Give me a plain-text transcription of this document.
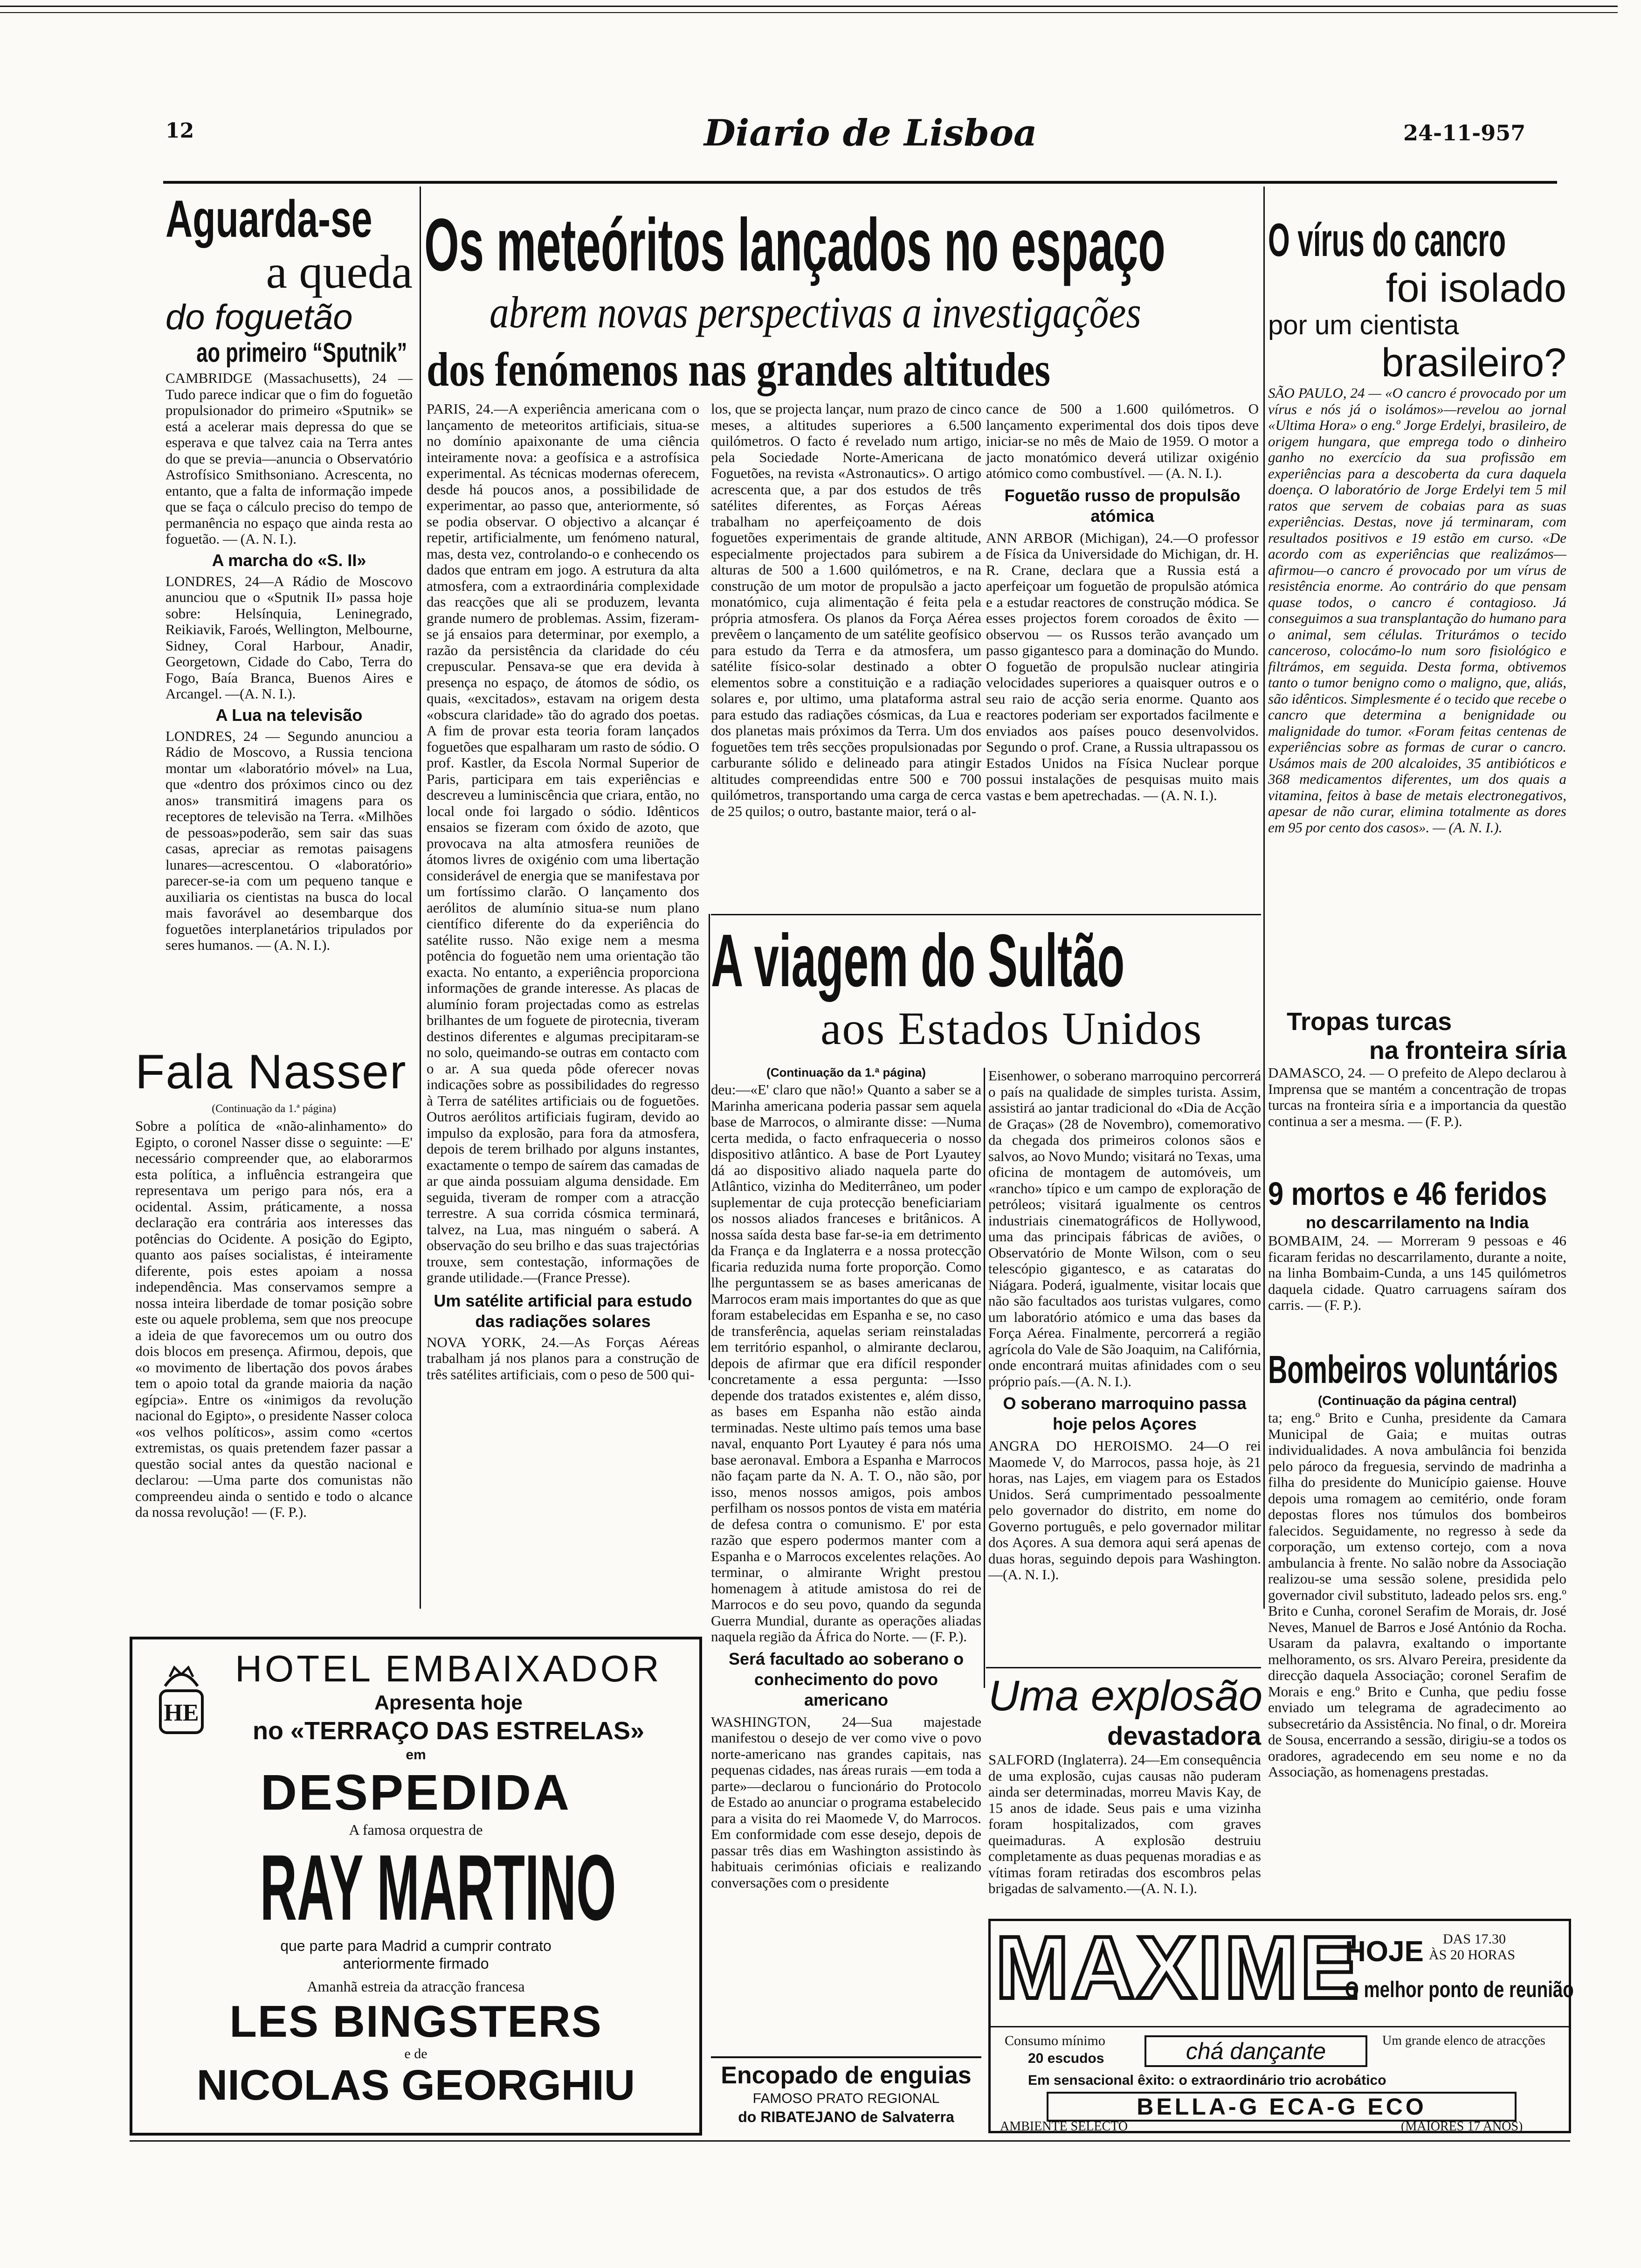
12	Diario de Lisboa	24-11-957
Aguarda-se
a queda
do foguetão
ao primeiro “Sputnik”
CAMBRIDGE (Massachusetts), 24 — Tudo parece indicar que o fim do foguetão propulsionador do primeiro «Sputnik» se está a acelerar mais depressa do que se esperava e que talvez caia na Terra antes do que se previa—anuncia o Observatório Astrofísico Smithsoniano. Acrescenta, no entanto, que a falta de informação impede que se faça o cálculo preciso do tempo de permanência no espaço que ainda resta ao foguetão. — (A. N. I.).
A marcha do «S. II»
LONDRES, 24—A Rádio de Moscovo anunciou que o «Sputnik II» passa hoje sobre: Helsínquia, Leninegrado, Reikiavik, Faroés, Wellington, Melbourne, Sidney, Coral Harbour, Anadir, Georgetown, Cidade do Cabo, Terra do Fogo, Baía Branca, Buenos Aires e Arcangel. —(A. N. I.).
A Lua na televisão
LONDRES, 24 — Segundo anunciou a Rádio de Moscovo, a Russia tenciona montar um «laboratório móvel» na Lua, que «dentro dos próximos cinco ou dez anos» transmitirá imagens para os receptores de televisão na Terra. «Milhões de pessoas»poderão, sem sair das suas casas, apreciar as remotas paisagens lunares—acrescentou. O «laboratório» parecer-se-ia com um pequeno tanque e auxiliaria os cientistas na busca do local mais favorável ao desembarque dos foguetões interplanetários tripulados por seres humanos. — (A. N. I.).
Fala Nasser
(Continuação da 1.ª página)
Sobre a política de «não-alinhamento» do Egipto, o coronel Nasser disse o seguinte: —E' necessário compreender que, ao elaborarmos esta política, a influência estrangeira que representava um perigo para nós, era a ocidental. Assim, práticamente, a nossa declaração era contrária aos interesses das potências do Ocidente. A posição do Egipto, quanto aos países socialistas, é inteiramente diferente, pois estes apoiam a nossa independência. Mas conservamos sempre a nossa inteira liberdade de tomar posição sobre este ou aquele problema, sem que nos preocupe a ideia de que favorecemos um ou outro dos dois blocos em presença. Afirmou, depois, que «o movimento de libertação dos povos árabes tem o apoio total da grande maioria da nação egípcia». Entre os «inimigos da revolução nacional do Egipto», o presidente Nasser coloca «os velhos políticos», assim como «certos extremistas, os quais pretendem fazer passar a questão social antes da questão nacional e declarou: —Uma parte dos comunistas não compreendeu ainda o sentido e todo o alcance da nossa revolução! — (F. P.).
Os meteóritos lançados no espaço
abrem novas perspectivas a investigações
dos fenómenos nas grandes altitudes
PARIS, 24.—A experiência americana com o lançamento de meteoritos artificiais, situa-se no domínio apaixonante de uma ciência inteiramente nova: a geofísica e a astrofísica experimental. As técnicas modernas oferecem, desde há poucos anos, a possibilidade de experimentar, ao passo que, anteriormente, só se podia observar. O objectivo a alcançar é repetir, artificialmente, um fenómeno natural, mas, desta vez, controlando-o e conhecendo os dados que entram em jogo. A estrutura da alta atmosfera, com a extraordinária complexidade das reacções que ali se produzem, levanta grande numero de problemas. Assim, fizeram-se já ensaios para determinar, por exemplo, a razão da persistência da claridade do céu crepuscular. Pensava-se que era devida à presença no espaço, de átomos de sódio, os quais, «excitados», estavam na origem desta «obscura claridade» tão do agrado dos poetas. A fim de provar esta teoria foram lançados foguetões que espalharam um rasto de sódio. O prof. Kastler, da Escola Normal Superior de Paris, participara em tais experiências e descreveu a luminiscência que criara, então, no local onde foi largado o sódio. Idênticos ensaios se fizeram com óxido de azoto, que provocava na alta atmosfera reuniões de átomos livres de oxigénio com uma libertação considerável de energia que se manifestava por um fortíssimo clarão. O lançamento dos aerólitos de alumínio situa-se num plano científico diferente do da experiência do satélite russo. Não exige nem a mesma potência do foguetão nem uma orientação tão exacta. No entanto, a experiência proporciona informações de grande interesse. As placas de alumínio foram projectadas como as estrelas brilhantes de um foguete de pirotecnia, tiveram destinos diferentes e algumas precipitaram-se no solo, queimando-se outras em contacto com o ar. A sua queda pôde oferecer novas indicações sobre as possibilidades do regresso à Terra de satélites artificiais ou de foguetões. Outros aerólitos artificiais fugiram, devido ao impulso da explosão, para fora da atmosfera, depois de terem brilhado por alguns instantes, exactamente o tempo de saírem das camadas de ar que ainda possuiam alguma densidade. Em seguida, tiveram de romper com a atracção terrestre. A sua corrida cósmica terminará, talvez, na Lua, mas ninguém o saberá. A observação do seu brilho e das suas trajectórias trouxe, sem contestação, informações de grande utilidade.—(France Presse).
Um satélite artificial para estudo das radiações solares
NOVA YORK, 24.—As Forças Aéreas trabalham já nos planos para a construção de três satélites artificiais, com o peso de 500 qui-
los, que se projecta lançar, num prazo de cinco meses, a altitudes superiores a 6.500 quilómetros. O facto é revelado num artigo, pela Sociedade Norte-Americana de Foguetões, na revista «Astronautics». O artigo acrescenta que, a par dos estudos de três satélites diferentes, as Forças Aéreas trabalham no aperfeiçoamento de dois foguetões experimentais de grande altitude, especialmente projectados para subirem a alturas de 500 a 1.600 quilómetros, e na construção de um motor de propulsão a jacto monatómico, cuja alimentação é feita pela própria atmosfera. Os planos da Força Aérea prevêem o lançamento de um satélite geofísico para estudo da Terra e da atmosfera, um satélite físico-solar destinado a obter elementos sobre a constituição e a radiação solares e, por ultimo, uma plataforma astral para estudo das radiações cósmicas, da Lua e dos planetas mais próximos da Terra. Um dos foguetões tem três secções propulsionadas por carburante sólido e delineado para atingir altitudes compreendidas entre 500 e 700 quilómetros, transportando uma carga de cerca de 25 quilos; o outro, bastante maior, terá o al-
cance de 500 a 1.600 quilómetros. O lançamento experimental dos dois tipos deve iniciar-se no mês de Maio de 1959. O motor a jacto monatómico deverá utilizar oxigénio atómico como combustível. — (A. N. I.).
Foguetão russo de propulsão atómica
ANN ARBOR (Michigan), 24.—O professor de Física da Universidade do Michigan, dr. H. R. Crane, declara que a Russia está a aperfeiçoar um foguetão de propulsão atómica e a estudar reactores de construção módica. Se esses projectos forem coroados de êxito — observou — os Russos terão avançado um passo gigantesco para a dominação do Mundo. O foguetão de propulsão nuclear atingiria velocidades superiores a quaisquer outros e o seu raio de acção seria enorme. Quanto aos reactores poderiam ser exportados facilmente e enviados aos países pouco desenvolvidos. Segundo o prof. Crane, a Russia ultrapassou os Estados Unidos na Física Nuclear porque possui instalações de pesquisas muito mais vastas e bem apetrechadas. — (A. N. I.).
O vírus do cancro
foi isolado
por um cientista
brasileiro?
SÃO PAULO, 24 — «O cancro é provocado por um vírus e nós já o isolámos»—revelou ao jornal «Ultima Hora» o eng.º Jorge Erdelyi, brasileiro, de origem hungara, que emprega todo o dinheiro ganho no exercício da sua profissão em experiências para a descoberta da cura daquela doença. O laboratório de Jorge Erdelyi tem 5 mil ratos que servem de cobaias para as suas experiências. Destas, nove já terminaram, com resultados positivos e 19 estão em curso. «De acordo com as experiências que realizámos—afirmou—o cancro é provocado por um vírus de resistência enorme. Ao contrário do que pensam quase todos, o cancro é contagioso. Já conseguimos a sua transplantação do humano para o animal, sem células. Triturámos o tecido canceroso, colocámo-lo num soro fisiológico e filtrámos, em seguida. Desta forma, obtivemos tanto o tumor benigno como o maligno, que, aliás, são idênticos. Simplesmente é o tecido que recebe o cancro que determina a benignidade ou malignidade do tumor. «Foram feitas centenas de experiências sobre as formas de curar o cancro. Usámos mais de 200 alcaloides, 35 antibióticos e 368 medicamentos diferentes, um dos quais a vitamina, feitos à base de metais electronegativos, apesar de não curar, elimina totalmente as dores em 95 por cento dos casos». — (A. N. I.).
Tropas turcas
na fronteira síria
DAMASCO, 24. — O prefeito de Alepo declarou à Imprensa que se mantém a concentração de tropas turcas na fronteira síria e a importancia da questão continua a ser a mesma. — (F. P.).
9 mortos e 46 feridos
no descarrilamento na India
BOMBAIM, 24. — Morreram 9 pessoas e 46 ficaram feridas no descarrilamento, durante a noite, na linha Bombaim-Cunda, a uns 145 quilómetros daquela cidade. Quatro carruagens saíram dos carris. — (F. P.).
Bombeiros voluntários
(Continuação da página central)
ta; eng.º Brito e Cunha, presidente da Camara Municipal de Gaia; e muitas outras individualidades. A nova ambulância foi benzida pelo pároco da freguesia, servindo de madrinha a filha do presidente do Município gaiense. Houve depois uma romagem ao cemitério, onde foram depostas flores nos túmulos dos bombeiros falecidos. Seguidamente, no regresso à sede da corporação, um extenso cortejo, com a nova ambulancia à frente. No salão nobre da Associação realizou-se uma sessão solene, presidida pelo governador civil substituto, ladeado pelos srs. eng.º Brito e Cunha, coronel Serafim de Morais, dr. José Neves, Manuel de Barros e José António da Rocha. Usaram da palavra, exaltando o importante melhoramento, os srs. Alvaro Pereira, presidente da direcção daquela Associação; coronel Serafim de Morais e eng.º Brito e Cunha, que pediu fosse enviado um telegrama de agradecimento ao subsecretário da Assistência. No final, o dr. Moreira de Sousa, encerrando a sessão, dirigiu-se a todos os oradores, agradecendo em seu nome e no da Associação, as homenagens prestadas.
A viagem do Sultão
aos Estados Unidos
(Continuação da 1.ª página)
deu:—«E' claro que não!» Quanto a saber se a Marinha americana poderia passar sem aquela base de Marrocos, o almirante disse: —Numa certa medida, o facto enfraqueceria o nosso dispositivo atlântico. A base de Port Lyautey dá ao dispositivo aliado naquela parte do Atlântico, vizinha do Mediterrâneo, um poder suplementar de cuja protecção beneficiariam os nossos aliados franceses e britânicos. A nossa saída desta base far-se-ia em detrimento da França e da Inglaterra e a nossa protecção ficaria reduzida numa forte proporção. Como lhe perguntassem se as bases americanas de Marrocos eram mais importantes do que as que foram estabelecidas em Espanha e se, no caso de transferência, aquelas seriam reinstaladas em território espanhol, o almirante declarou, depois de afirmar que era difícil responder concretamente a essa pergunta: —Isso depende dos tratados existentes e, além disso, as bases em Espanha não estão ainda terminadas. Neste ultimo país temos uma base naval, enquanto Port Lyautey é para nós uma base aeronaval. Embora a Espanha e Marrocos não façam parte da N. A. T. O., não são, por isso, menos nossos amigos, pois ambos perfilham os nossos pontos de vista em matéria de defesa contra o comunismo. E' por esta razão que espero podermos manter com a Espanha e o Marrocos excelentes relações. Ao terminar, o almirante Wright prestou homenagem à atitude amistosa do rei de Marrocos e do seu povo, quando da segunda Guerra Mundial, durante as operações aliadas naquela região da África do Norte. — (F. P.).
Será facultado ao soberano o conhecimento do povo americano
WASHINGTON, 24—Sua majestade manifestou o desejo de ver como vive o povo norte-americano nas grandes capitais, nas pequenas cidades, nas áreas rurais —em toda a parte»—declarou o funcionário do Protocolo de Estado ao anunciar o programa estabelecido para a visita do rei Maomede V, do Marrocos. Em conformidade com esse desejo, depois de passar três dias em Washington assistindo às habituais cerimónias oficiais e realizando conversações com o presidente
Eisenhower, o soberano marroquino percorrerá o país na qualidade de simples turista. Assim, assistirá ao jantar tradicional do «Dia de Acção de Graças» (28 de Novembro), comemorativo da chegada dos primeiros colonos sãos e salvos, ao Novo Mundo; visitará no Texas, uma oficina de montagem de automóveis, um «rancho» típico e um campo de exploração de petróleos; visitará igualmente os centros industriais cinematográficos de Hollywood, uma das principais fábricas de aviões, o Observatório de Monte Wilson, com o seu telescópio gigantesco, e as cataratas do Niágara. Poderá, igualmente, visitar locais que não são facultados aos turistas vulgares, como um laboratório atómico e uma das bases da Força Aérea. Finalmente, percorrerá a região agrícola do Vale de São Joaquim, na Califórnia, onde encontrará muitas afinidades com o seu próprio país.—(A. N. I.).
O soberano marroquino passa hoje pelos Açores
ANGRA DO HEROISMO. 24—O rei Maomede V, do Marrocos, passa hoje, às 21 horas, nas Lajes, em viagem para os Estados Unidos. Será cumprimentado pessoalmente pelo governador do distrito, em nome do Governo português, e pelo governador militar dos Açores. A sua demora aqui será apenas de duas horas, seguindo depois para Washington.—(A. N. I.).
Uma explosão
devastadora
SALFORD (Inglaterra). 24—Em consequência de uma explosão, cujas causas não puderam ainda ser determinadas, morreu Mavis Kay, de 15 anos de idade. Seus pais e uma vizinha foram hospitalizados, com graves queimaduras. A explosão destruiu completamente as duas pequenas moradias e as vítimas foram retiradas dos escombros pelas brigadas de salvamento.—(A. N. I.).
HE
HOTEL EMBAIXADOR
Apresenta hoje
no «TERRAÇO DAS ESTRELAS»
em
DESPEDIDA
A famosa orquestra de
RAY MARTINO
que parte para Madrid a cumprir contrato anteriormente firmado
Amanhã estreia da atracção francesa
LES BINGSTERS
e de
NICOLAS GEORGHIU	Encopado de enguias
FAMOSO PRATO REGIONAL
do RIBATEJANO de Salvaterra
MAXIME
HOJE DAS 17.30
ÀS 20 HORAS
O melhor ponto de reunião
Consumo mínimo
20 escudos	chá dançante	Um grande elenco de atracções
Em sensacional êxito: o extraordinário trio acrobático
BELLA-G ECA-G ECO
AMBIENTE SELECTO	(MAIORES 17 ANOS)
